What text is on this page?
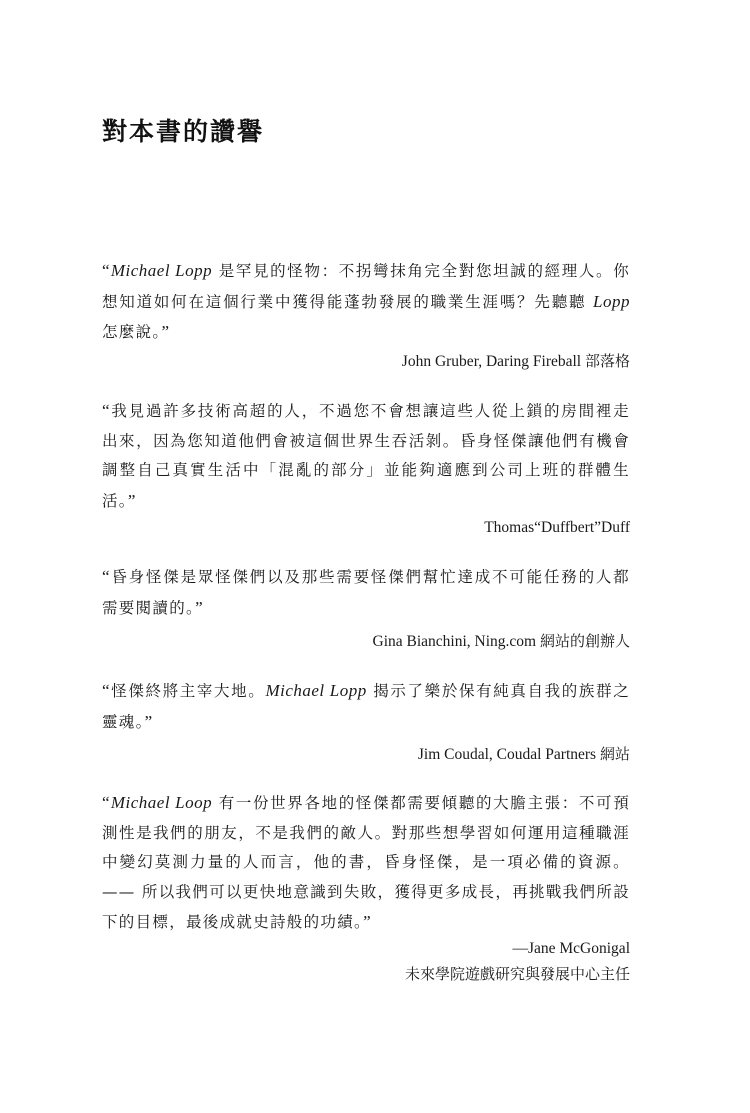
對本書的讚譽

“Michael Lopp 是罕見的怪物：不拐彎抹角完全對您坦誠的經理人。你想知道如何在這個行業中獲得能蓬勃發展的職業生涯嗎？先聽聽 Lopp 怎麼說。”

John Gruber, Daring Fireball 部落格

“我見過許多技術高超的人，不過您不會想讓這些人從上鎖的房間裡走出來，因為您知道他們會被這個世界生吞活剝。昏身怪傑讓他們有機會調整自己真實生活中「混亂的部分」並能夠適應到公司上班的群體生活。”

Thomas“Duffbert”Duff

“昏身怪傑是眾怪傑們以及那些需要怪傑們幫忙達成不可能任務的人都需要閱讀的。”

Gina Bianchini, Ning.com 網站的創辦人

“怪傑終將主宰大地。Michael Lopp 揭示了樂於保有純真自我的族群之靈魂。”

Jim Coudal, Coudal Partners 網站

“Michael Loop 有一份世界各地的怪傑都需要傾聽的大膽主張：不可預測性是我們的朋友，不是我們的敵人。對那些想學習如何運用這種職涯中變幻莫測力量的人而言，他的書，昏身怪傑，是一項必備的資源。—— 所以我們可以更快地意識到失敗，獲得更多成長，再挑戰我們所設下的目標，最後成就史詩般的功績。”

—Jane McGonigal

未來學院遊戲研究與發展中心主任
